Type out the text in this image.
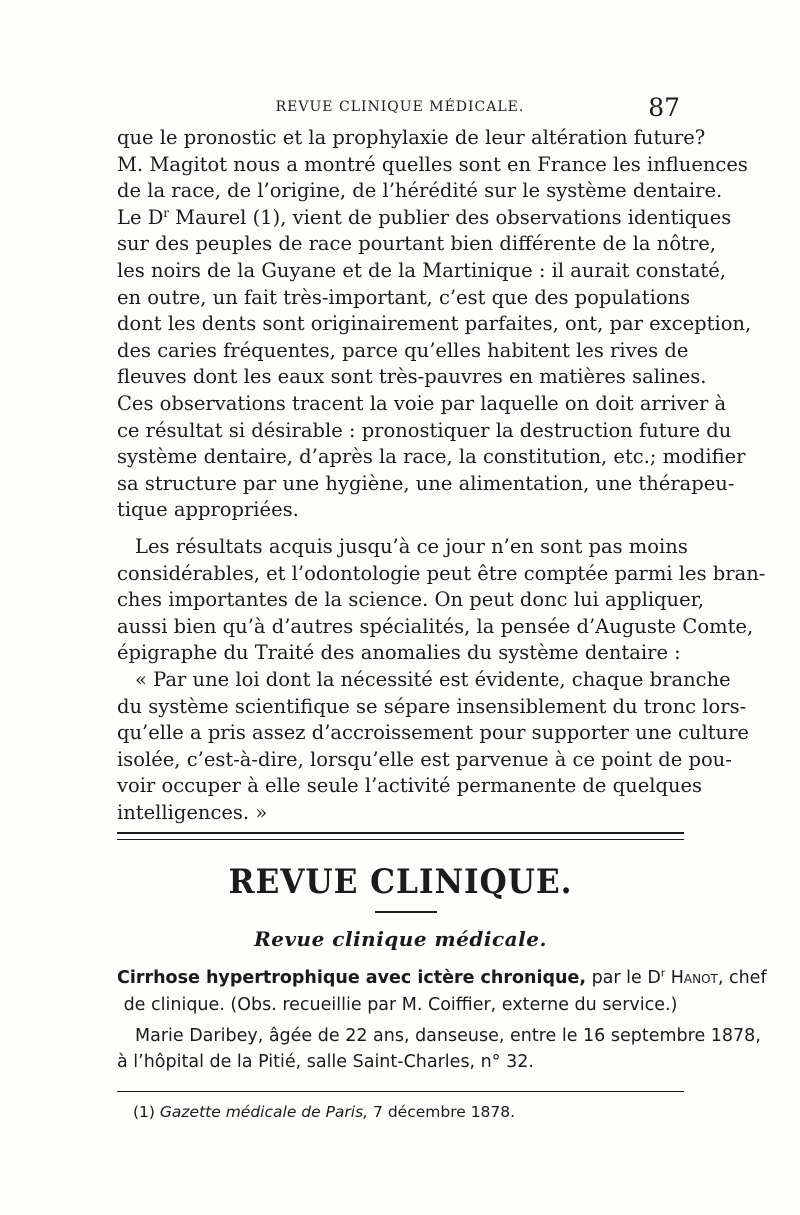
REVUE CLINIQUE MÉDICALE.	87
que le pronostic et la prophylaxie de leur altération future?
M. Magitot nous a montré quelles sont en France les influences
de la race, de l’origine, de l’hérédité sur le système dentaire.
Le $D^r$ Maurel (1), vient de publier des observations identiques
sur des peuples de race pourtant bien différente de la nôtre,
les noirs de la Guyane et de la Martinique : il aurait constaté,
en outre, un fait très-important, c’est que des populations
dont les dents sont originairement parfaites, ont, par exception,
des caries fréquentes, parce qu’elles habitent les rives de
fleuves dont les eaux sont très-pauvres en matières salines.
Ces observations tracent la voie par laquelle on doit arriver à
ce résultat si désirable : pronostiquer la destruction future du
système dentaire, d’après la race, la constitution, etc.; modifier
sa structure par une hygiène, une alimentation, une thérapeu-
tique appropriées.
Les résultats acquis jusqu’à ce jour n’en sont pas moins
considérables, et l’odontologie peut être comptée parmi les bran-
ches importantes de la science. On peut donc lui appliquer,
aussi bien qu’à d’autres spécialités, la pensée d’Auguste Comte,
épigraphe du Traité des anomalies du système dentaire :
« Par une loi dont la nécessité est évidente, chaque branche
du système scientifique se sépare insensiblement du tronc lors-
qu’elle a pris assez d’accroissement pour supporter une culture
isolée, c’est-à-dire, lorsqu’elle est parvenue à ce point de pou-
voir occuper à elle seule l’activité permanente de quelques
intelligences. »
REVUE CLINIQUE.
Revue clinique médicale.
Cirrhose hypertrophique avec ictère chronique, par le $D^r$ Hanot, chef
de clinique. (Obs. recueillie par M. Coiffier, externe du service.)
Marie Daribey, âgée de 22 ans, danseuse, entre le 16 septembre 1878,
à l’hôpital de la Pitié, salle Saint-Charles, n° 32.
(1) Gazette médicale de Paris, 7 décembre 1878.
